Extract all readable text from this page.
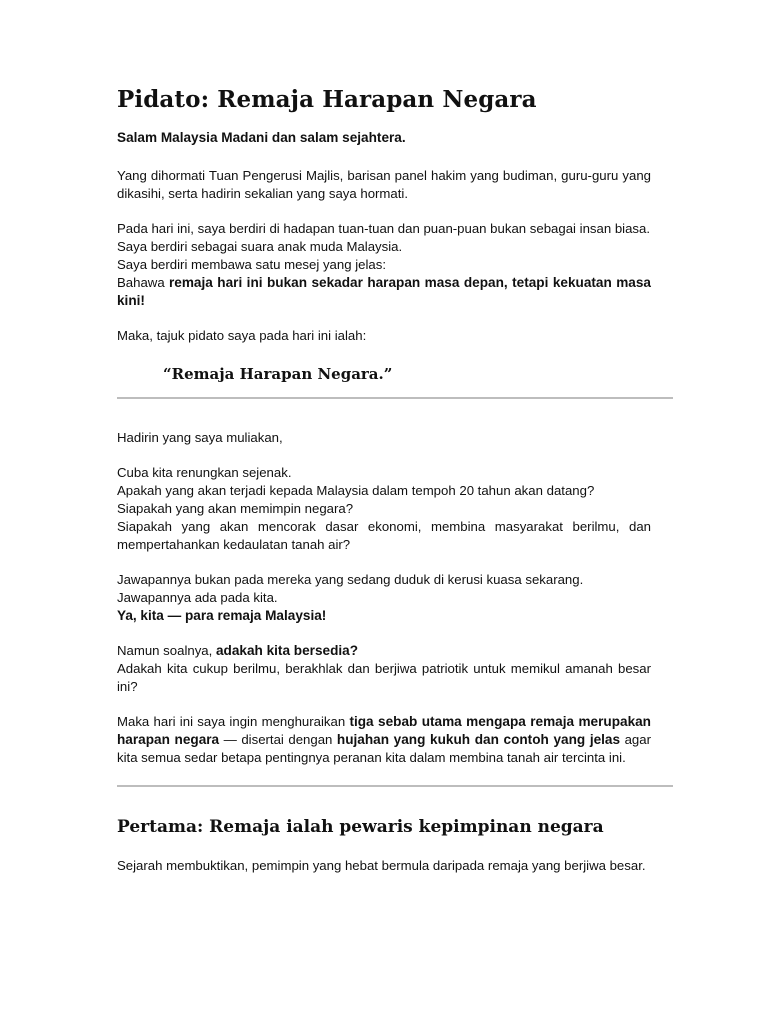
Pidato: Remaja Harapan Negara

Salam Malaysia Madani dan salam sejahtera.

Yang dihormati Tuan Pengerusi Majlis, barisan panel hakim yang budiman, guru-guru yang dikasihi, serta hadirin sekalian yang saya hormati.

Pada hari ini, saya berdiri di hadapan tuan-tuan dan puan-puan bukan sebagai insan biasa.

Saya berdiri sebagai suara anak muda Malaysia.

Saya berdiri membawa satu mesej yang jelas:

Bahawa remaja hari ini bukan sekadar harapan masa depan, tetapi kekuatan masa kini!

Maka, tajuk pidato saya pada hari ini ialah:

“Remaja Harapan Negara.”

Hadirin yang saya muliakan,

Cuba kita renungkan sejenak.

Apakah yang akan terjadi kepada Malaysia dalam tempoh 20 tahun akan datang?

Siapakah yang akan memimpin negara?

Siapakah yang akan mencorak dasar ekonomi, membina masyarakat berilmu, dan mempertahankan kedaulatan tanah air?

Jawapannya bukan pada mereka yang sedang duduk di kerusi kuasa sekarang.

Jawapannya ada pada kita.

Ya, kita — para remaja Malaysia!

Namun soalnya, adakah kita bersedia?

Adakah kita cukup berilmu, berakhlak dan berjiwa patriotik untuk memikul amanah besar ini?

Maka hari ini saya ingin menghuraikan tiga sebab utama mengapa remaja merupakan harapan negara — disertai dengan hujahan yang kukuh dan contoh yang jelas agar kita semua sedar betapa pentingnya peranan kita dalam membina tanah air tercinta ini.

Pertama: Remaja ialah pewaris kepimpinan negara

Sejarah membuktikan, pemimpin yang hebat bermula daripada remaja yang berjiwa besar.
